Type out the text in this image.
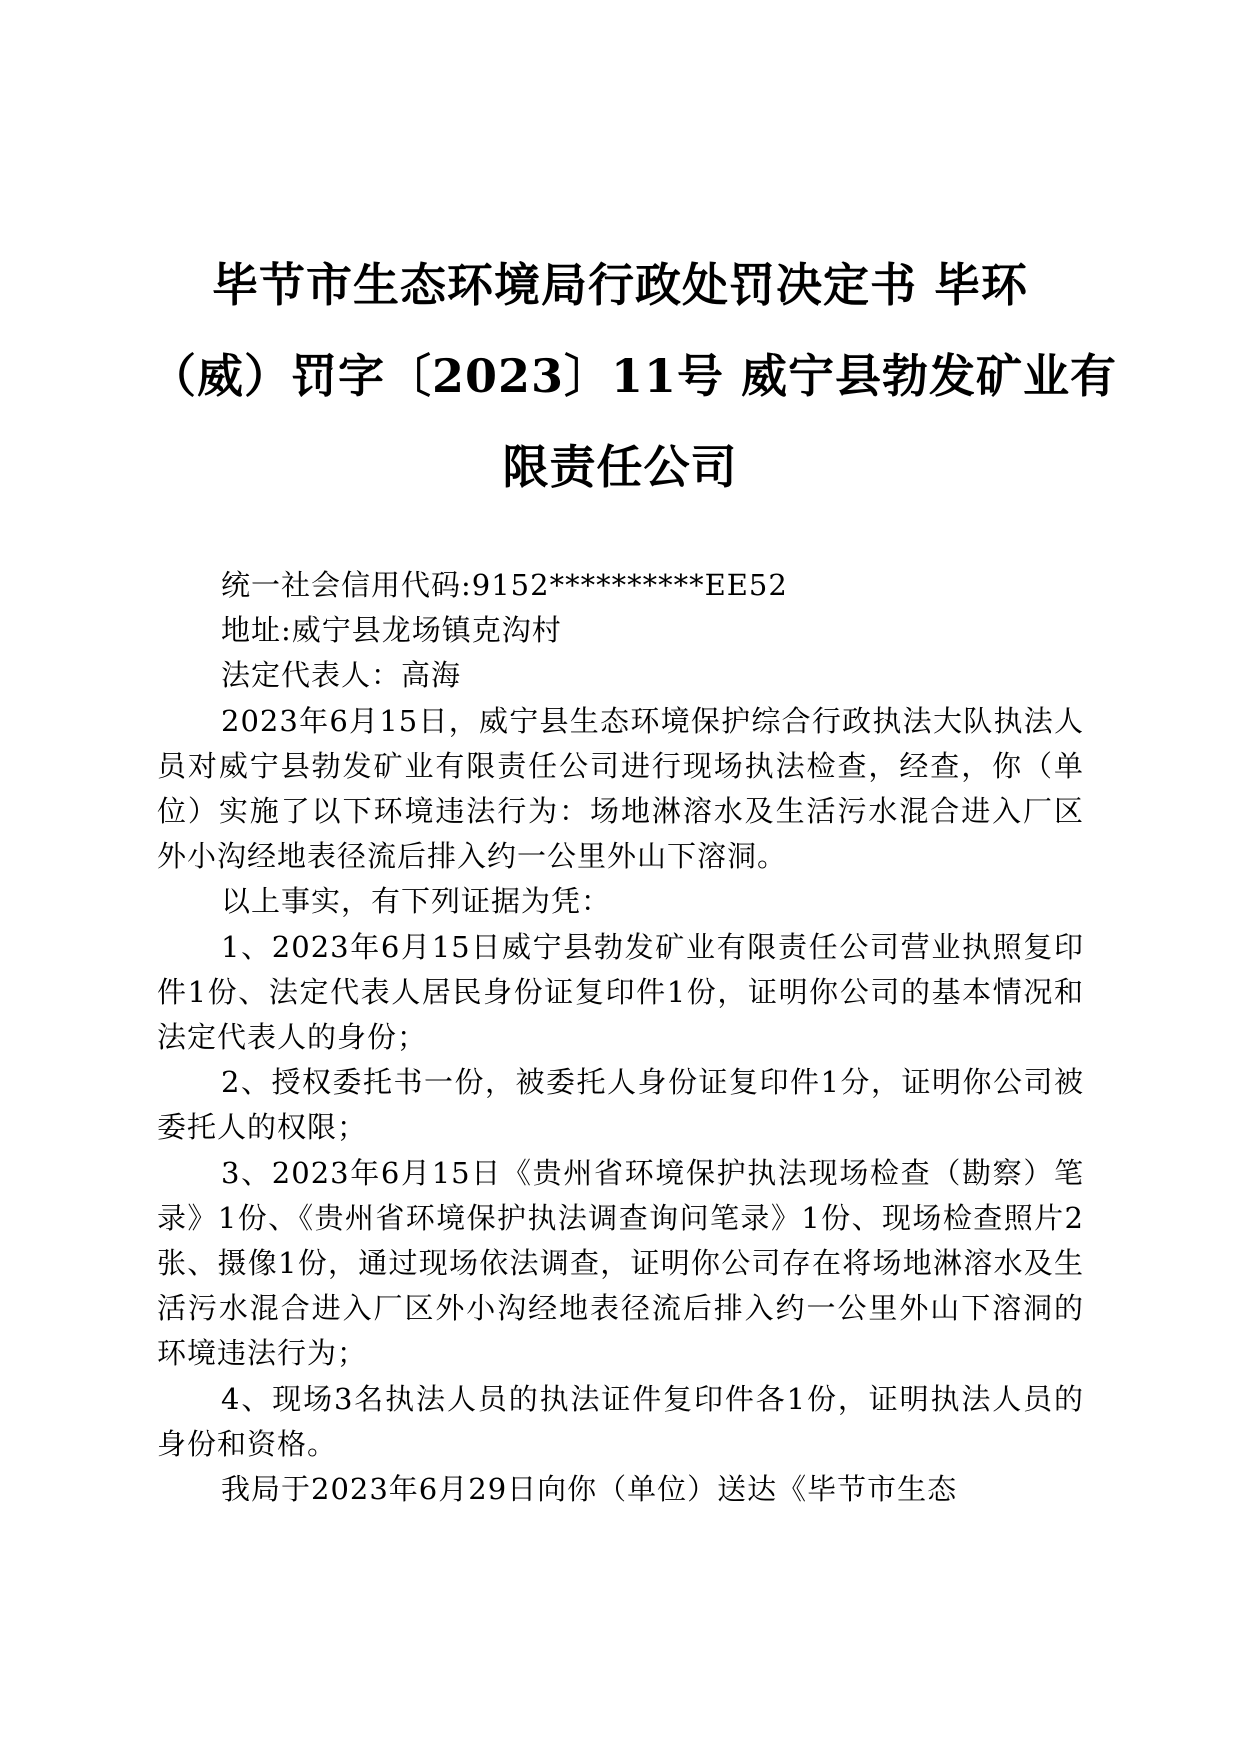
毕节市生态环境局行政处罚决定书 毕环
（威）罚字〔2023〕11号 威宁县勃发矿业有
限责任公司

统一社会信用代码:9152**********EE52

地址:威宁县龙场镇克沟村

法定代表人：高海

2023年6月15日，威宁县生态环境保护综合行政执法大队执法人员对威宁县勃发矿业有限责任公司进行现场执法检查，经查，你（单位）实施了以下环境违法行为：场地淋溶水及生活污水混合进入厂区外小沟经地表径流后排入约一公里外山下溶洞。

以上事实，有下列证据为凭：

1、2023年6月15日威宁县勃发矿业有限责任公司营业执照复印件1份、法定代表人居民身份证复印件1份，证明你公司的基本情况和法定代表人的身份；

2、授权委托书一份，被委托人身份证复印件1分，证明你公司被委托人的权限；

3、2023年6月15日《贵州省环境保护执法现场检查（勘察）笔录》1份、《贵州省环境保护执法调查询问笔录》1份、现场检查照片2张、摄像1份，通过现场依法调查，证明你公司存在将场地淋溶水及生活污水混合进入厂区外小沟经地表径流后排入约一公里外山下溶洞的环境违法行为；

4、现场3名执法人员的执法证件复印件各1份，证明执法人员的身份和资格。

我局于2023年6月29日向你（单位）送达《毕节市生态
